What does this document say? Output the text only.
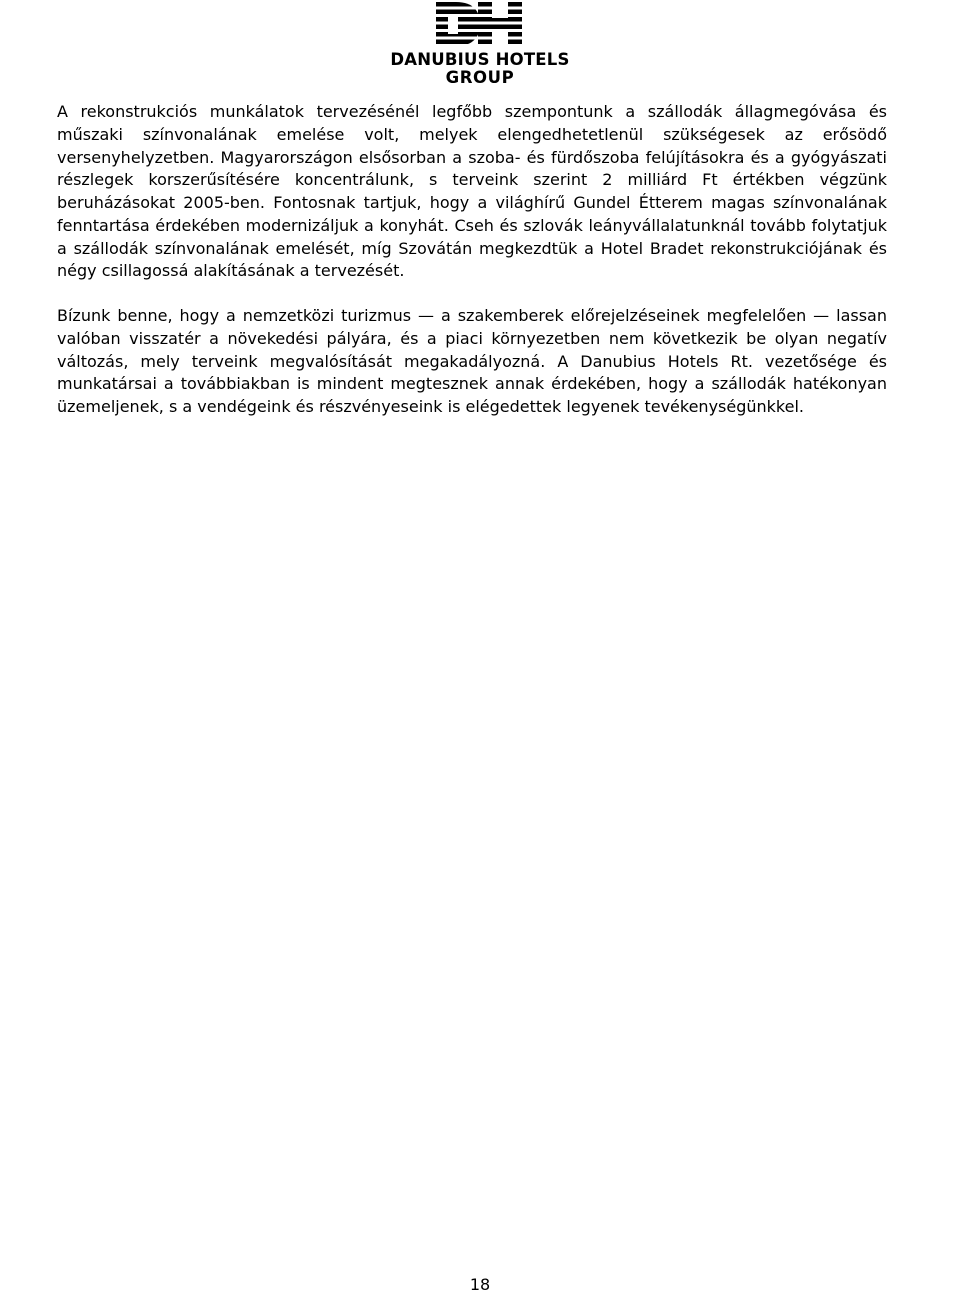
DANUBIUS HOTELS
GROUP

A rekonstrukciós munkálatok tervezésénél legfőbb szempontunk a szállodák állagmegóvása és műszaki színvonalának emelése volt, melyek elengedhetetlenül szükségesek az erősödő versenyhelyzetben. Magyarországon elsősorban a szoba- és fürdőszoba felújításokra és a gyógyászati részlegek korszerűsítésére koncentrálunk, s terveink szerint 2 milliárd Ft értékben végzünk beruházásokat 2005-ben. Fontosnak tartjuk, hogy a világhírű Gundel Étterem magas színvonalának fenntartása érdekében modernizáljuk a konyhát. Cseh és szlovák leányvállalatunknál tovább folytatjuk a szállodák színvonalának emelését, míg Szovátán megkezdtük a Hotel Bradet rekonstrukciójának és négy csillagossá alakításának a tervezését.

Bízunk benne, hogy a nemzetközi turizmus — a szakemberek előrejelzéseinek megfelelően — lassan valóban visszatér a növekedési pályára, és a piaci környezetben nem következik be olyan negatív változás, mely terveink megvalósítását megakadályozná. A Danubius Hotels Rt. vezetősége és munkatársai a továbbiakban is mindent megtesznek annak érdekében, hogy a szállodák hatékonyan üzemeljenek, s a vendégeink és részvényeseink is elégedettek legyenek tevékenységünkkel.

18
